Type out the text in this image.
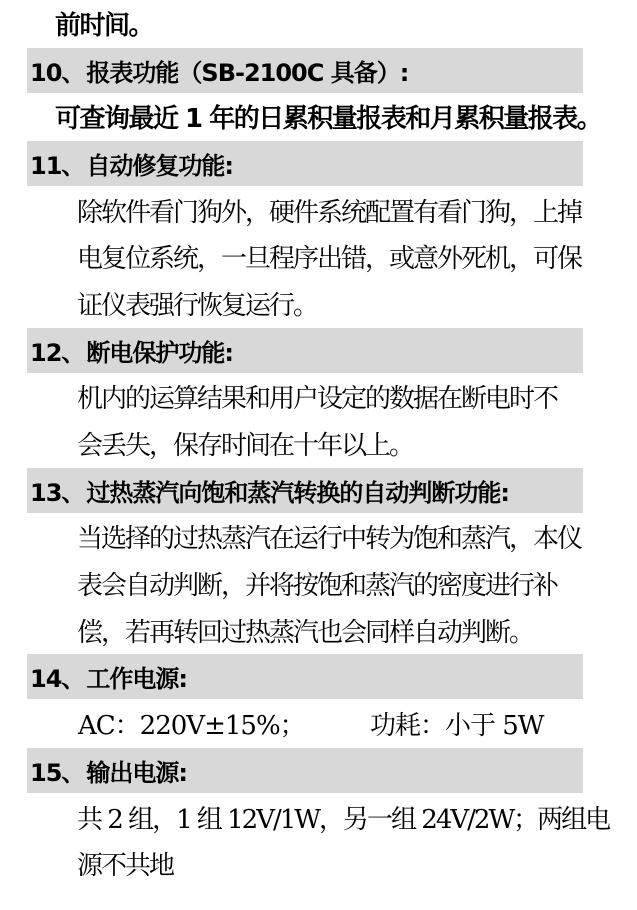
前时间。
10、 报表功能（SB-2100C 具备）:
可查询最近 1 年的日累积量报表和月累积量报表。
11、 自动修复功能:
除软件看门狗外，硬件系统配置有看门狗，上掉
电复位系统，一旦程序出错，或意外死机，可保
证仪表强行恢复运行。
12、 断电保护功能:
机内的运算结果和用户设定的数据在断电时不
会丢失，保存时间在十年以上。
13、 过热蒸汽向饱和蒸汽转换的自动判断功能:
当选择的过热蒸汽在运行中转为饱和蒸汽，本仪
表会自动判断，并将按饱和蒸汽的密度进行补
偿，若再转回过热蒸汽也会同样自动判断。
14、 工作电源:
AC：220V±15%；	功耗：小于 5W
15、 输出电源:
共 2 组，1 组 12V/1W，另一组 24V/2W；两组电
源不共地
